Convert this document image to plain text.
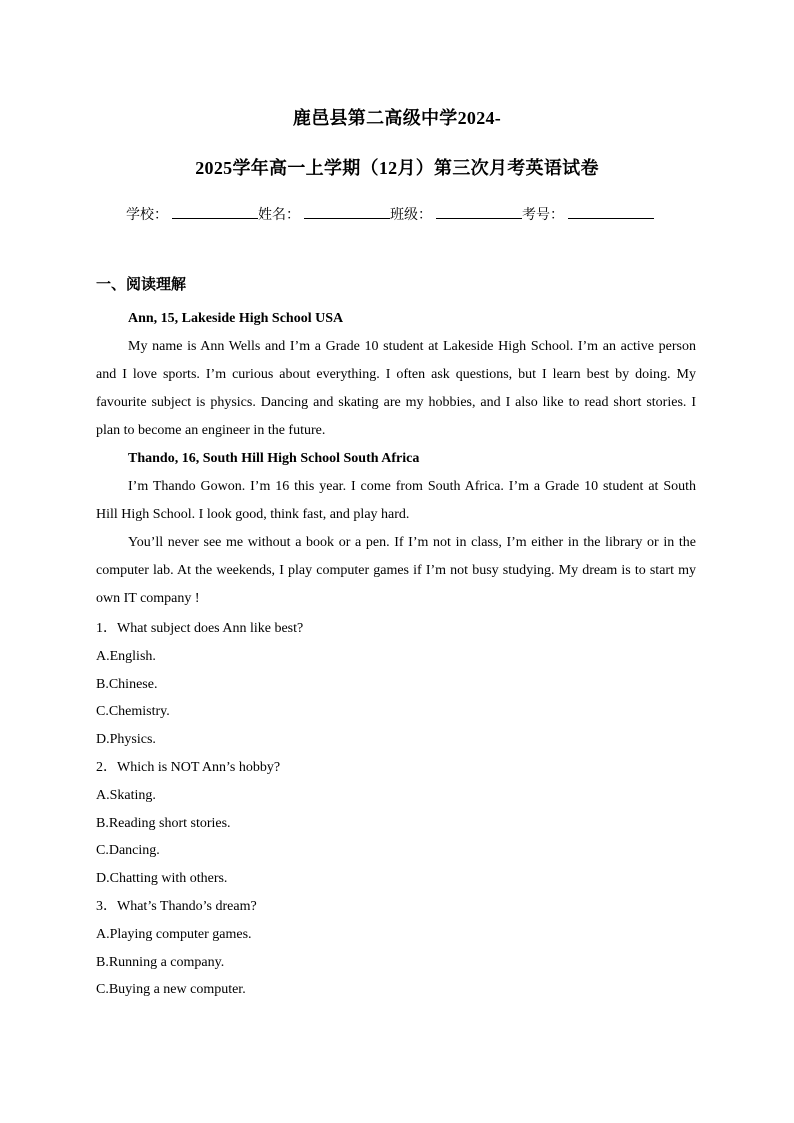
鹿邑县第二高级中学2024-
2025学年高一上学期（12月）第三次月考英语试卷
学校：	姓名：	班级：	考号：
一、阅读理解

Ann, 15, Lakeside High School USA

My name is Ann Wells and I’m a Grade 10 student at Lakeside High School. I’m an active person and I love sports. I’m curious about everything. I often ask questions, but I learn best by doing. My favourite subject is physics. Dancing and skating are my hobbies, and I also like to read short stories. I plan to become an engineer in the future.

Thando, 16, South Hill High School South Africa

I’m Thando Gowon. I’m 16 this year. I come from South Africa. I’m a Grade 10 student at South Hill High School. I look good, think fast, and play hard.

You’ll never see me without a book or a pen. If I’m not in class, I’m either in the library or in the computer lab. At the weekends, I play computer games if I’m not busy studying. My dream is to start my own IT company !

1．What subject does Ann like best?

A.English.

B.Chinese.

C.Chemistry.

D.Physics.

2．Which is NOT Ann’s hobby?

A.Skating.

B.Reading short stories.

C.Dancing.

D.Chatting with others.

3．What’s Thando’s dream?

A.Playing computer games.

B.Running a company.

C.Buying a new computer.
